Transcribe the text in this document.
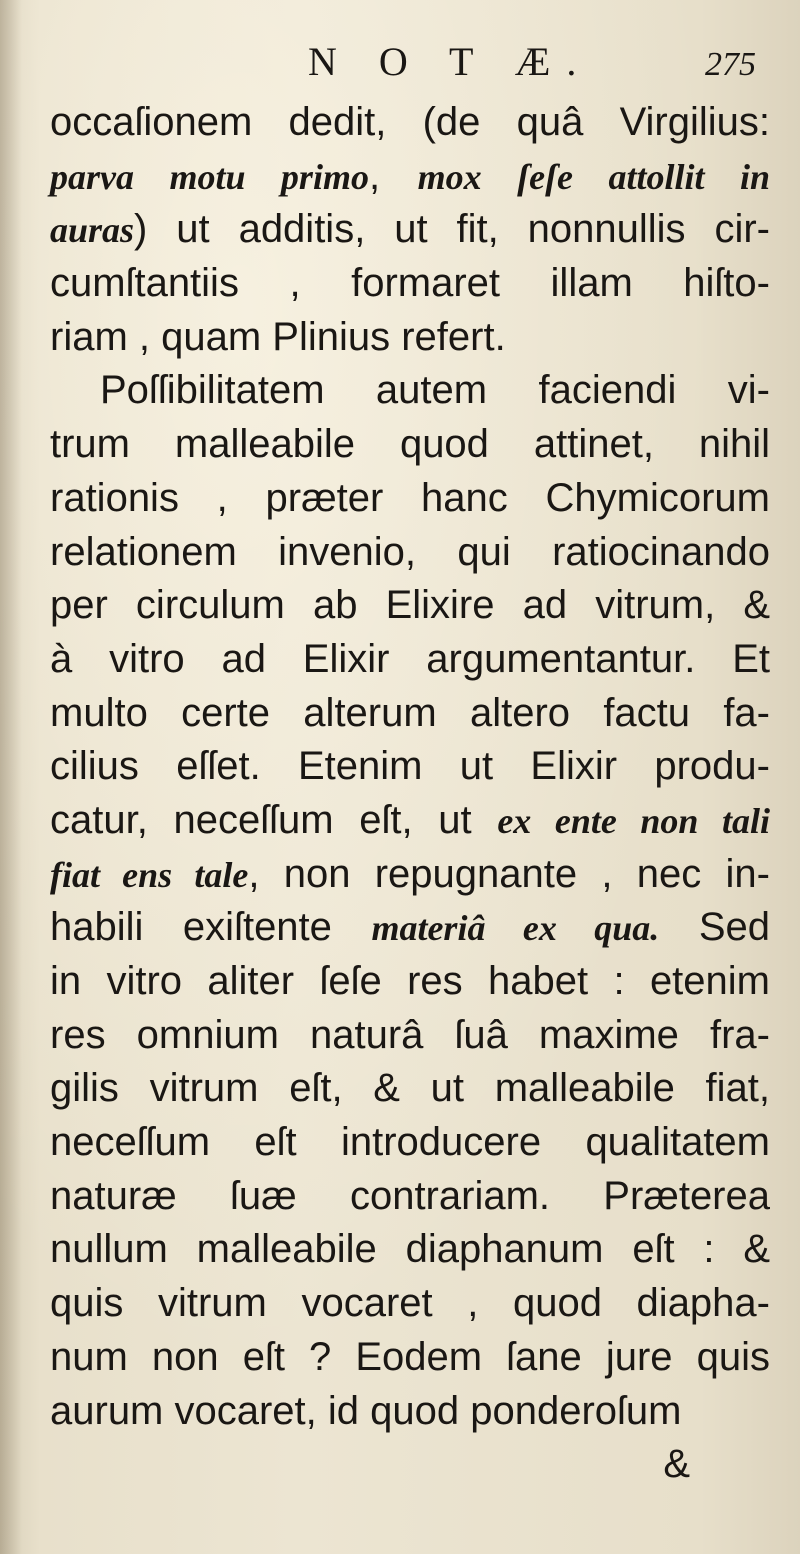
N O T Æ.	275
occaſionem dedit, (de quâ Virgilius:
parva motu primo, mox ſeſe attollit in
auras) ut additis, ut fit, nonnullis cir-
cumſtantiis , formaret illam hiſto-
riam , quam Plinius refert.
Poſſibilitatem autem faciendi vi-
trum malleabile quod attinet, nihil
rationis , præter hanc Chymicorum
relationem invenio, qui ratiocinando
per circulum ab Elixire ad vitrum, &
à vitro ad Elixir argumentantur. Et
multo certe alterum altero factu fa-
cilius eſſet. Etenim ut Elixir produ-
catur, neceſſum eſt, ut ex ente non tali
fiat ens tale, non repugnante , nec in-
habili exiſtente materiâ ex qua. Sed
in vitro aliter ſeſe res habet : etenim
res omnium naturâ ſuâ maxime fra-
gilis vitrum eſt, & ut malleabile fiat,
neceſſum eſt introducere qualitatem
naturæ ſuæ contrariam. Præterea
nullum malleabile diaphanum eſt : &
quis vitrum vocaret , quod diapha-
num non eſt ? Eodem ſane jure quis
aurum vocaret, id quod ponderoſum
&
